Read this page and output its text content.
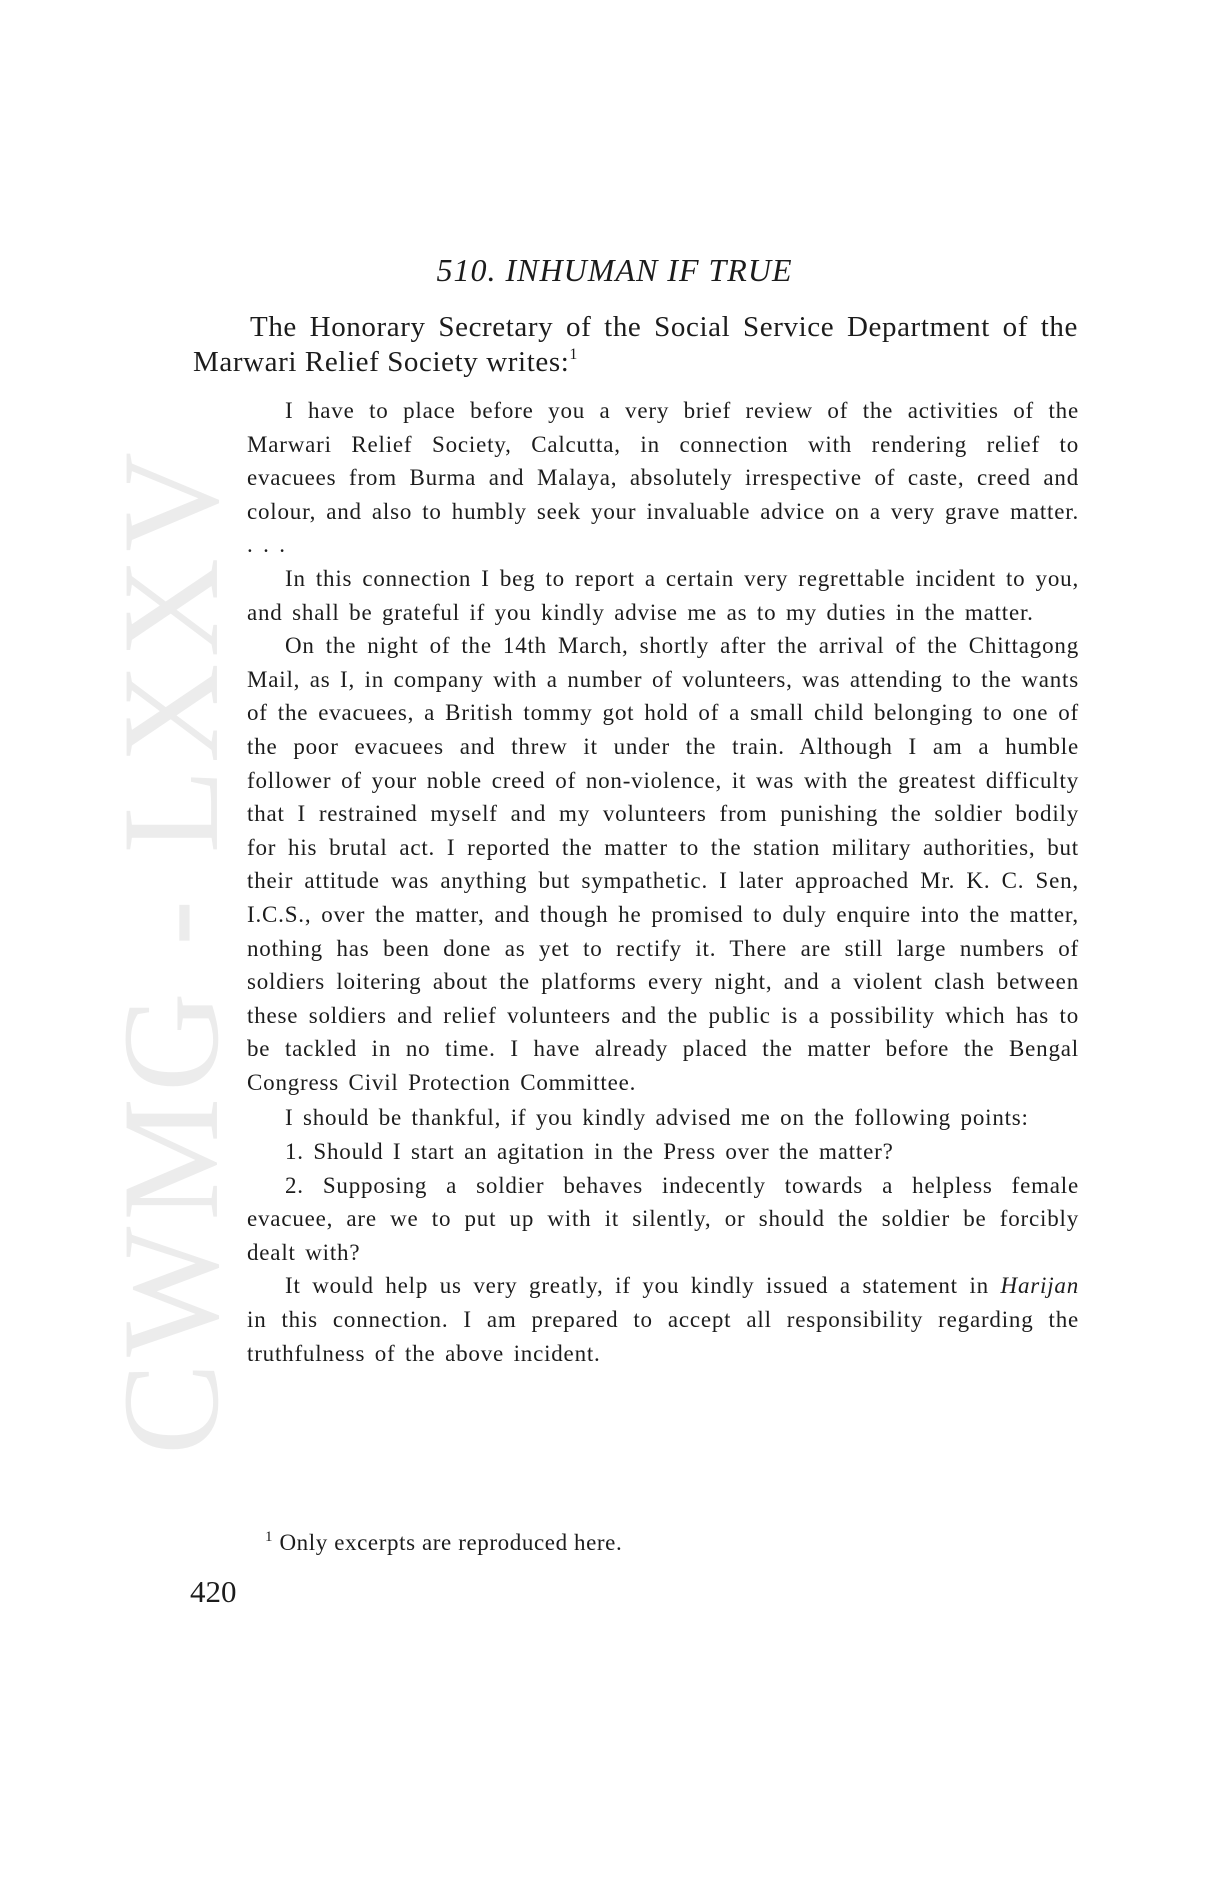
CWMG - LXXV
510. INHUMAN IF TRUE

The Honorary Secretary of the Social Service Department of the Marwari Relief Society writes:$^1$

I have to place before you a very brief review of the activities of the Marwari Relief Society, Calcutta, in connection with rendering relief to evacuees from Burma and Malaya, absolutely irrespective of caste, creed and colour, and also to humbly seek your invaluable advice on a very grave matter. . . .

In this connection I beg to report a certain very regrettable incident to you, and shall be grateful if you kindly advise me as to my duties in the matter.

On the night of the 14th March, shortly after the arrival of the Chittagong Mail, as I, in company with a number of volunteers, was attending to the wants of the evacuees, a British tommy got hold of a small child belonging to one of the poor evacuees and threw it under the train. Although I am a humble follower of your noble creed of non-violence, it was with the greatest difficulty that I restrained myself and my volunteers from punishing the soldier bodily for his brutal act. I reported the matter to the station military authorities, but their attitude was anything but sympathetic. I later approached Mr. K. C. Sen, I.C.S., over the matter, and though he promised to duly enquire into the matter, nothing has been done as yet to rectify it. There are still large numbers of soldiers loitering about the platforms every night, and a violent clash between these soldiers and relief volunteers and the public is a possibility which has to be tackled in no time. I have already placed the matter before the Bengal Congress Civil Protection Committee.

I should be thankful, if you kindly advised me on the following points:

1. Should I start an agitation in the Press over the matter?

2. Supposing a soldier behaves indecently towards a helpless female evacuee, are we to put up with it silently, or should the soldier be forcibly dealt with?

It would help us very greatly, if you kindly issued a statement in Harijan in this connection. I am prepared to accept all responsibility regarding the truthfulness of the above incident.

$^1$ Only excerpts are reproduced here.
420
